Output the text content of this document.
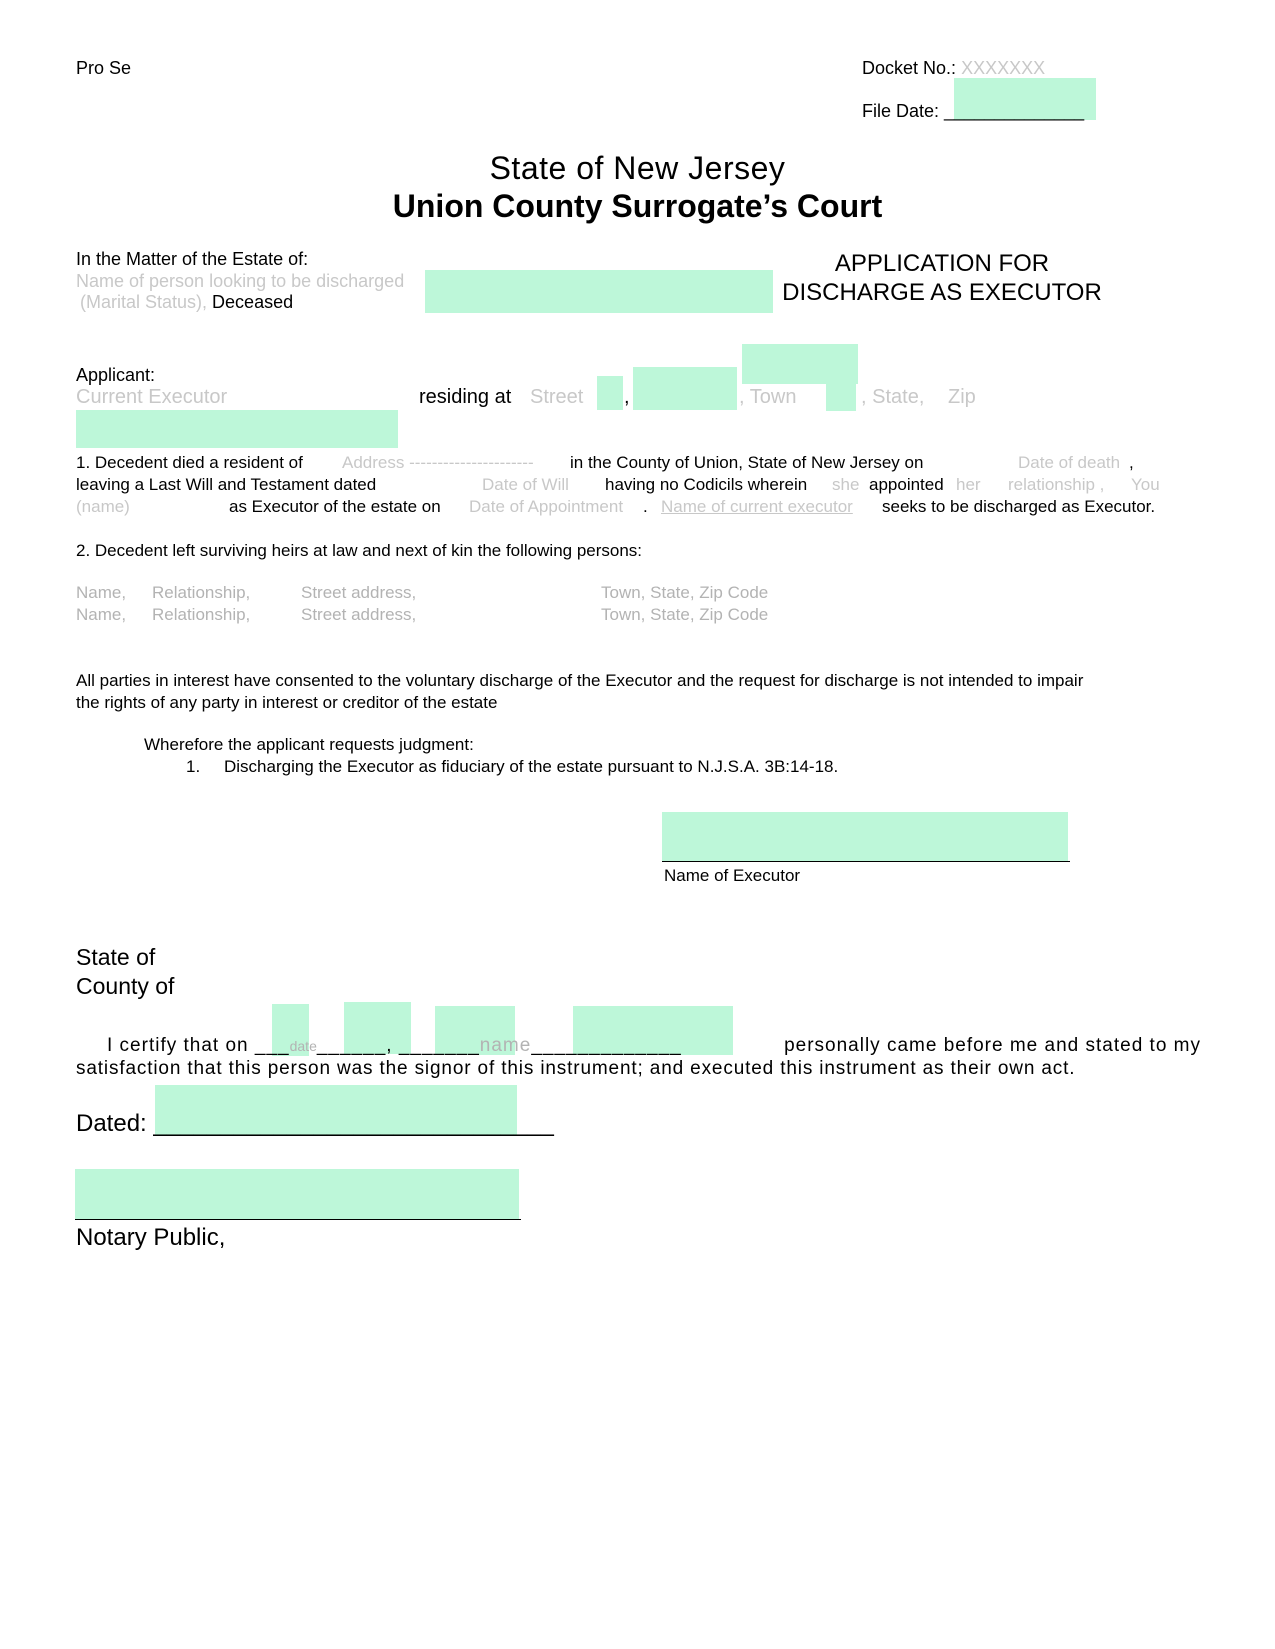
Pro Se	Docket No.: XXXXXXX
File Date: ______________
State of New Jersey
Union County Surrogate’s Court
In the Matter of the Estate of:
Name of person looking to be discharged
(Marital Status), Deceased
APPLICATION FOR
DISCHARGE AS EXECUTOR
Applicant:
Current Executor	residing at Street ,	, Town	, State, Zip
1. Decedent died a resident of Address ---------------------- in the County of Union, State of New Jersey on	Date of death ,
leaving a Last Will and Testament dated	Date of Will having no Codicils wherein she appointed her relationship , You
(name)	as Executor of the estate on Date of Appointment . Name of current executor seeks to be discharged as Executor.
2. Decedent left surviving heirs at law and next of kin the following persons:
Name, Relationship,	Street address,	Town, State, Zip Code
Name, Relationship,	Street address,	Town, State, Zip Code
All parties in interest have consented to the voluntary discharge of the Executor and the request for discharge is not intended to impair
the rights of any party in interest or creditor of the estate
Wherefore the applicant requests judgment:
1. Discharging the Executor as fiduciary of the estate pursuant to N.J.S.A. 3B:14-18.
Name of Executor
State of
County of
I certify that on ___date______, _______name_____________	personally came before me and stated to my
satisfaction that this person was the signor of this instrument; and executed this instrument as their own act.
Dated: ______________________________
Notary Public,
